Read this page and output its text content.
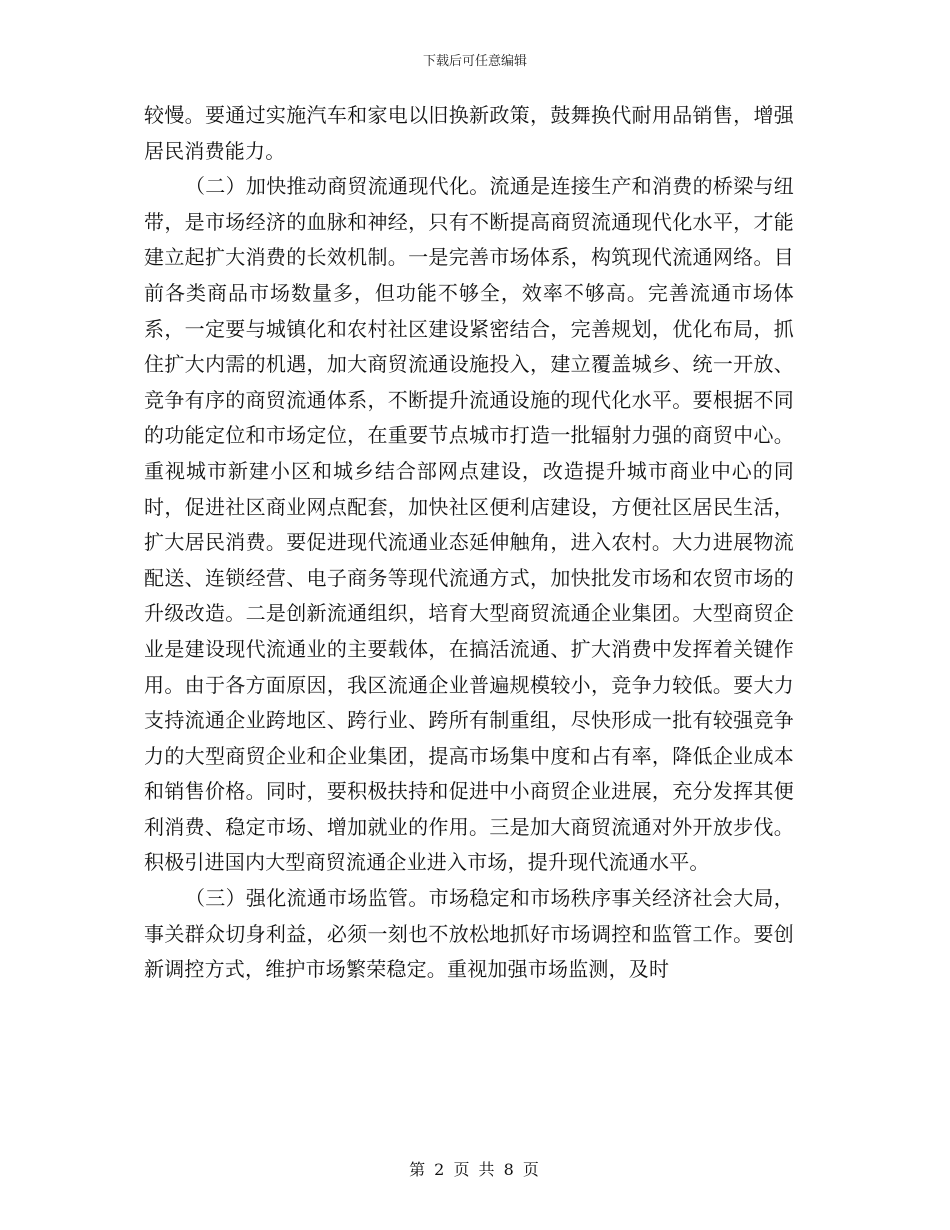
下载后可任意编辑

较慢。要通过实施汽车和家电以旧换新政策，鼓舞换代耐用品销售，增强居民消费能力。

（二）加快推动商贸流通现代化。流通是连接生产和消费的桥梁与纽带，是市场经济的血脉和神经，只有不断提高商贸流通现代化水平，才能建立起扩大消费的长效机制。一是完善市场体系，构筑现代流通网络。目前各类商品市场数量多，但功能不够全，效率不够高。完善流通市场体系，一定要与城镇化和农村社区建设紧密结合，完善规划，优化布局，抓住扩大内需的机遇，加大商贸流通设施投入，建立覆盖城乡、统一开放、竞争有序的商贸流通体系，不断提升流通设施的现代化水平。要根据不同的功能定位和市场定位，在重要节点城市打造一批辐射力强的商贸中心。重视城市新建小区和城乡结合部网点建设，改造提升城市商业中心的同时，促进社区商业网点配套，加快社区便利店建设，方便社区居民生活，扩大居民消费。要促进现代流通业态延伸触角，进入农村。大力进展物流配送、连锁经营、电子商务等现代流通方式，加快批发市场和农贸市场的升级改造。二是创新流通组织，培育大型商贸流通企业集团。大型商贸企业是建设现代流通业的主要载体，在搞活流通、扩大消费中发挥着关键作用。由于各方面原因，我区流通企业普遍规模较小，竞争力较低。要大力支持流通企业跨地区、跨行业、跨所有制重组，尽快形成一批有较强竞争力的大型商贸企业和企业集团，提高市场集中度和占有率，降低企业成本和销售价格。同时，要积极扶持和促进中小商贸企业进展，充分发挥其便利消费、稳定市场、增加就业的作用。三是加大商贸流通对外开放步伐。积极引进国内大型商贸流通企业进入市场，提升现代流通水平。

（三）强化流通市场监管。市场稳定和市场秩序事关经济社会大局，事关群众切身利益，必须一刻也不放松地抓好市场调控和监管工作。要创新调控方式，维护市场繁荣稳定。重视加强市场监测，及时

第 2 页 共 8 页
